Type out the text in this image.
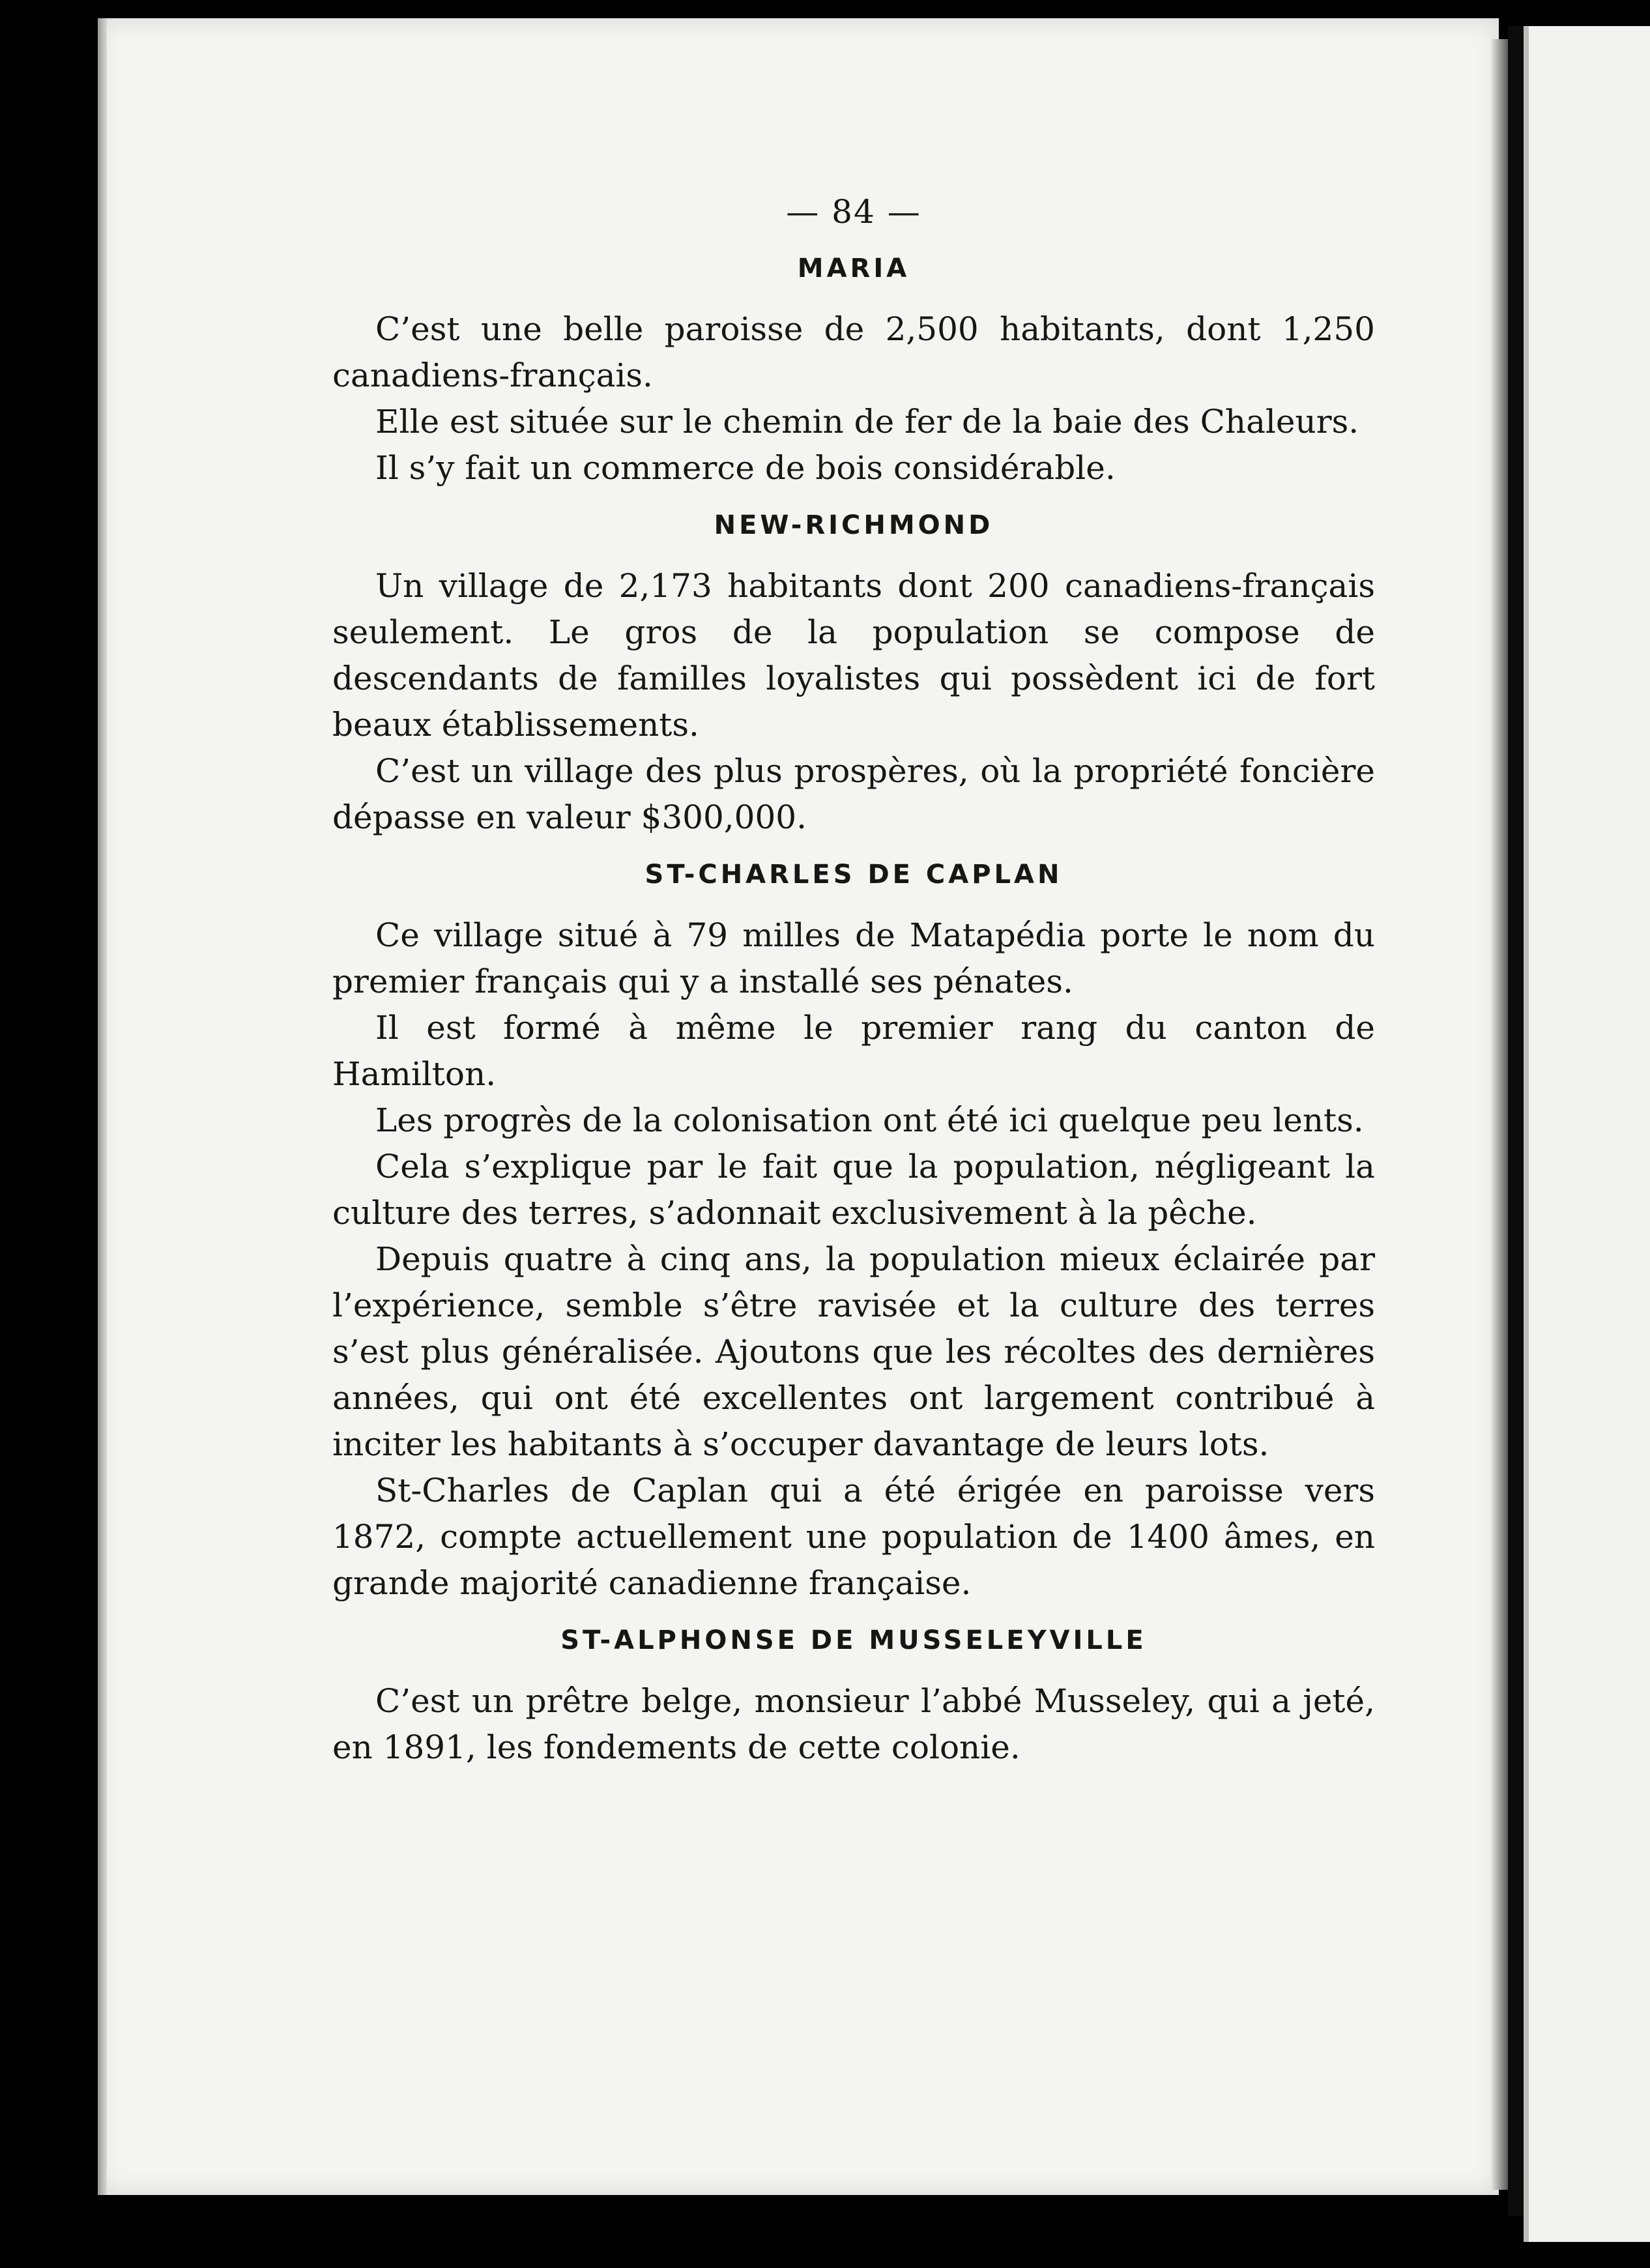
— 84 —
MARIA

C’est une belle paroisse de 2,500 habitants, dont 1,250 canadiens-français.

Elle est située sur le chemin de fer de la baie des Chaleurs.

Il s’y fait un commerce de bois considérable.

NEW-RICHMOND

Un village de 2,173 habitants dont 200 canadiens-français seulement. Le gros de la population se compose de descendants de familles loyalistes qui possèdent ici de fort beaux établissements.

C’est un village des plus prospères, où la propriété foncière dépasse en valeur $300,000.

ST-CHARLES DE CAPLAN

Ce village situé à 79 milles de Matapédia porte le nom du premier français qui y a installé ses pénates.

Il est formé à même le premier rang du canton de Hamilton.

Les progrès de la colonisation ont été ici quelque peu lents.

Cela s’explique par le fait que la population, négligeant la culture des terres, s’adonnait exclusivement à la pêche.

Depuis quatre à cinq ans, la population mieux éclairée par l’expérience, semble s’être ravisée et la culture des terres s’est plus généralisée. Ajoutons que les récoltes des dernières années, qui ont été excellentes ont largement contribué à inciter les habitants à s’occuper davantage de leurs lots.

St-Charles de Caplan qui a été érigée en paroisse vers 1872, compte actuellement une population de 1400 âmes, en grande majorité canadienne française.

ST-ALPHONSE DE MUSSELEYVILLE

C’est un prêtre belge, monsieur l’abbé Musseley, qui a jeté, en 1891, les fondements de cette colonie.
